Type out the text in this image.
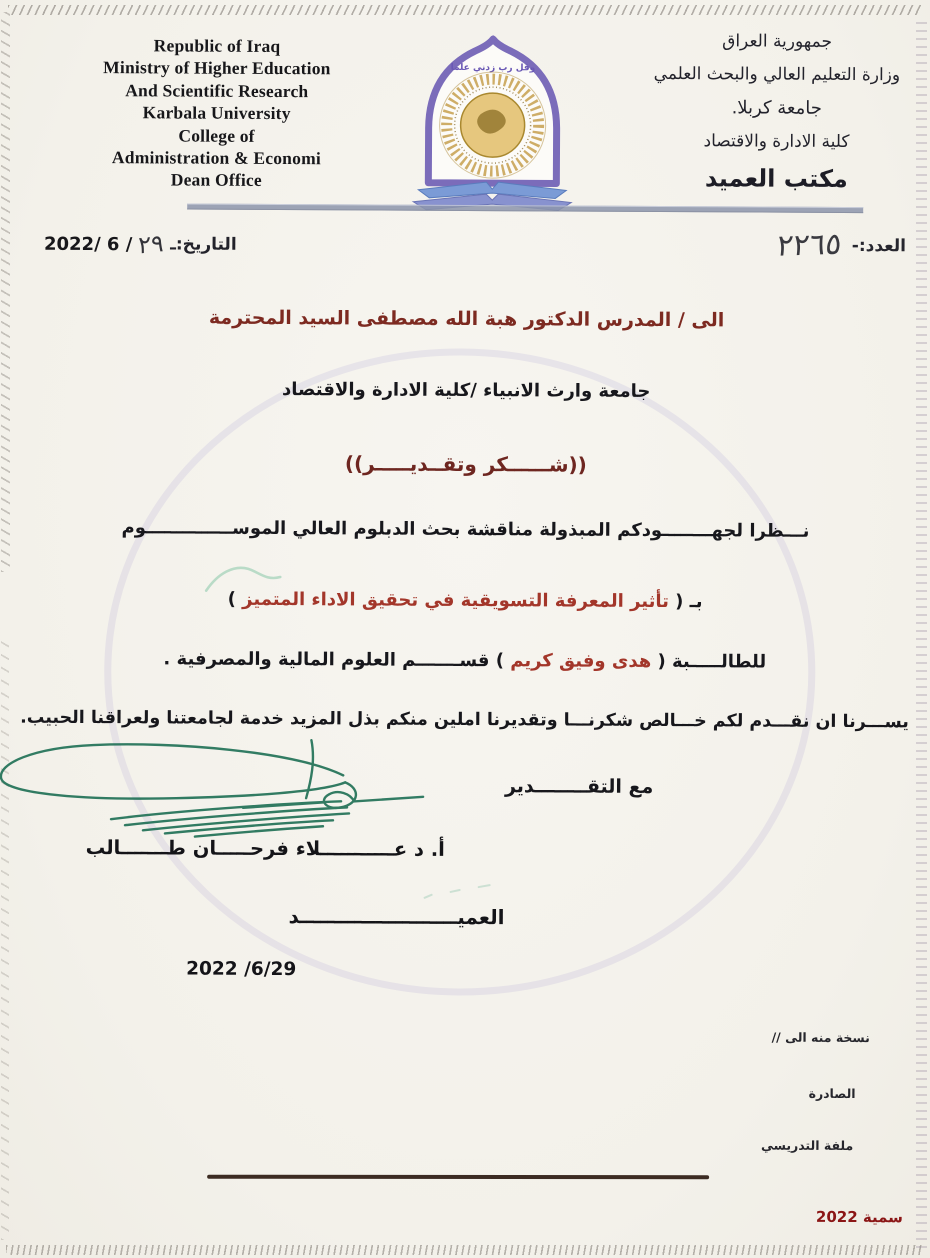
Republic of Iraq
Ministry of Higher Education
And Scientific Research
Karbala University
College of
Administration & Economi
Dean Office
وقل رب زدني علما
جمهورية العراق
وزارة التعليم العالي والبحث العلمي
جامعة كربلا.
كلية الادارة والاقتصاد
مكتب العميد
٢٢٦٥ العدد:-
2022/ 6 / ٢٩ التاريخ:ـ
الى / المدرس الدكتور هبة الله مصطفى السيد المحترمة
جامعة وارث الانبياء /كلية الادارة والاقتصاد
((شــــــكر وتقــديـــــر))
نـــظرا لجهــــــــودكم المبذولة مناقشة بحث الدبلوم العالي الموســــــــــــــوم
بـ ( تأثير المعرفة التسويقية في تحقيق الاداء المتميز )
للطالـــــبة ( هدى وفيق كريم ) قســـــــم العلوم المالية والمصرفية .
يســـرنا ان نقـــدم لكم خـــالص شكرنـــا وتقديرنا املين منكم بذل المزيد خدمة لجامعتنا ولعراقنا الحبيب.
مع التقــــــــدير
أ. د عـــــــــــلاء فرحـــــان طـــــــالب
العميـــــــــــــــــــــــد
2022 /6/29
نسخة منه الى //
الصادرة
ملفة التدريسي
سمية 2022
